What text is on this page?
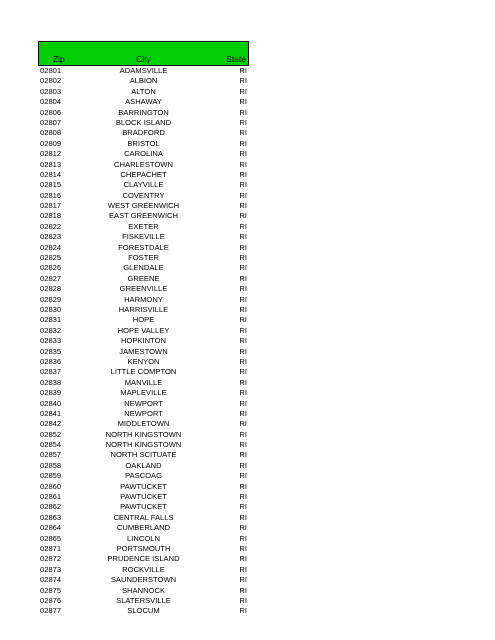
Zip	City	State
02801	ADAMSVILLE	RI
02802	ALBION	RI
02803	ALTON	RI
02804	ASHAWAY	RI
02806	BARRINGTON	RI
02807	BLOCK ISLAND	RI
02808	BRADFORD	RI
02809	BRISTOL	RI
02812	CAROLINA	RI
02813	CHARLESTOWN	RI
02814	CHEPACHET	RI
02815	CLAYVILLE	RI
02816	COVENTRY	RI
02817	WEST GREENWICH	RI
02818	EAST GREENWICH	RI
02822	EXETER	RI
02823	FISKEVILLE	RI
02824	FORESTDALE	RI
02825	FOSTER	RI
02826	GLENDALE	RI
02827	GREENE	RI
02828	GREENVILLE	RI
02829	HARMONY	RI
02830	HARRISVILLE	RI
02831	HOPE	RI
02832	HOPE VALLEY	RI
02833	HOPKINTON	RI
02835	JAMESTOWN	RI
02836	KENYON	RI
02837	LITTLE COMPTON	RI
02838	MANVILLE	RI
02839	MAPLEVILLE	RI
02840	NEWPORT	RI
02841	NEWPORT	RI
02842	MIDDLETOWN	RI
02852	NORTH KINGSTOWN	RI
02854	NORTH KINGSTOWN	RI
02857	NORTH SCITUATE	RI
02858	OAKLAND	RI
02859	PASCOAG	RI
02860	PAWTUCKET	RI
02861	PAWTUCKET	RI
02862	PAWTUCKET	RI
02863	CENTRAL FALLS	RI
02864	CUMBERLAND	RI
02865	LINCOLN	RI
02871	PORTSMOUTH	RI
02872	PRUDENCE ISLAND	RI
02873	ROCKVILLE	RI
02874	SAUNDERSTOWN	RI
02875	SHANNOCK	RI
02876	SLATERSVILLE	RI
02877	SLOCUM	RI
